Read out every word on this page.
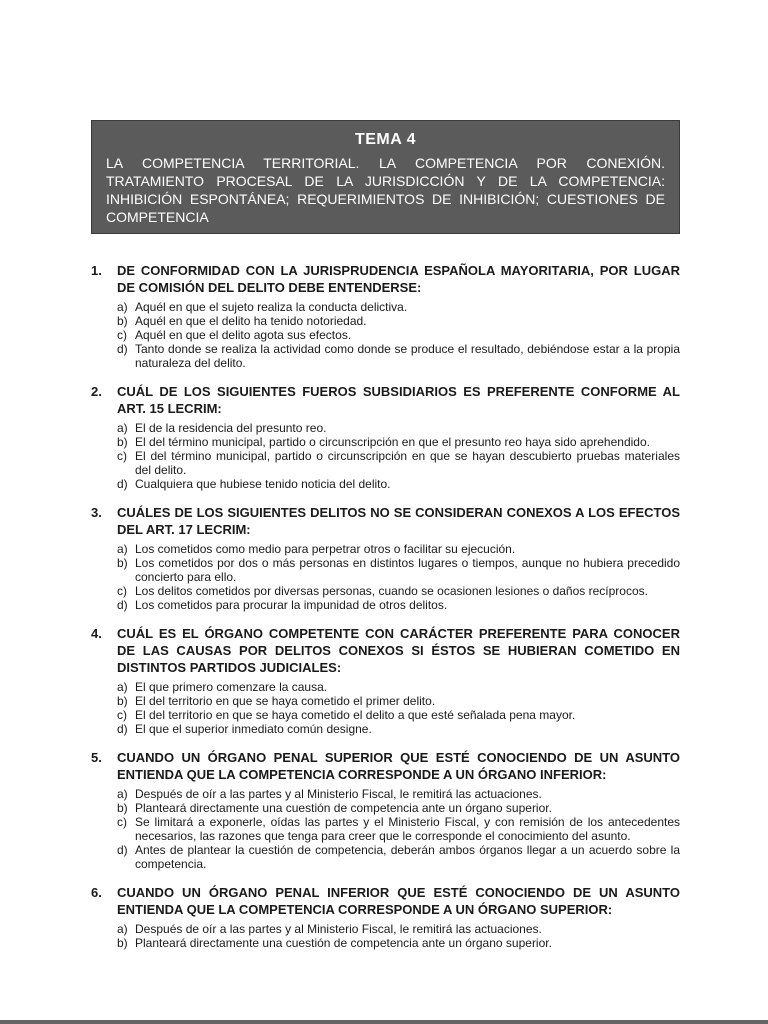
TEMA 4
LA COMPETENCIA TERRITORIAL. LA COMPETENCIA POR CONEXIÓN. TRATAMIENTO PROCESAL DE LA JURISDICCIÓN Y DE LA COMPETENCIA: INHIBICIÓN ESPONTÁNEA; REQUERIMIENTOS DE INHIBICIÓN; CUESTIONES DE COMPETENCIA
1.	DE CONFORMIDAD CON LA JURISPRUDENCIA ESPAÑOLA MAYORITARIA, POR LUGAR DE COMISIÓN DEL DELITO DEBE ENTENDERSE:
a) Aquél en que el sujeto realiza la conducta delictiva.
b) Aquél en que el delito ha tenido notoriedad.
c) Aquél en que el delito agota sus efectos.
d) Tanto donde se realiza la actividad como donde se produce el resultado, debiéndose estar a la propia naturaleza del delito.
2.	CUÁL DE LOS SIGUIENTES FUEROS SUBSIDIARIOS ES PREFERENTE CONFORME AL ART. 15 LECRIM:
a) El de la residencia del presunto reo.
b) El del término municipal, partido o circunscripción en que el presunto reo haya sido aprehendido.
c) El del término municipal, partido o circunscripción en que se hayan descubierto pruebas materiales del delito.
d) Cualquiera que hubiese tenido noticia del delito.
3.	CUÁLES DE LOS SIGUIENTES DELITOS NO SE CONSIDERAN CONEXOS A LOS EFECTOS DEL ART. 17 LECRIM:
a) Los cometidos como medio para perpetrar otros o facilitar su ejecución.
b) Los cometidos por dos o más personas en distintos lugares o tiempos, aunque no hubiera precedido concierto para ello.
c) Los delitos cometidos por diversas personas, cuando se ocasionen lesiones o daños recíprocos.
d) Los cometidos para procurar la impunidad de otros delitos.
4.	CUÁL ES EL ÓRGANO COMPETENTE CON CARÁCTER PREFERENTE PARA CONOCER DE LAS CAUSAS POR DELITOS CONEXOS SI ÉSTOS SE HUBIERAN COMETIDO EN DISTINTOS PARTIDOS JUDICIALES:
a) El que primero comenzare la causa.
b) El del territorio en que se haya cometido el primer delito.
c) El del territorio en que se haya cometido el delito a que esté señalada pena mayor.
d) El que el superior inmediato común designe.
5.	CUANDO UN ÓRGANO PENAL SUPERIOR QUE ESTÉ CONOCIENDO DE UN ASUNTO ENTIENDA QUE LA COMPETENCIA CORRESPONDE A UN ÓRGANO INFERIOR:
a) Después de oír a las partes y al Ministerio Fiscal, le remitirá las actuaciones.
b) Planteará directamente una cuestión de competencia ante un órgano superior.
c) Se limitará a exponerle, oídas las partes y el Ministerio Fiscal, y con remisión de los antecedentes necesarios, las razones que tenga para creer que le corresponde el conocimiento del asunto.
d) Antes de plantear la cuestión de competencia, deberán ambos órganos llegar a un acuerdo sobre la competencia.
6.	CUANDO UN ÓRGANO PENAL INFERIOR QUE ESTÉ CONOCIENDO DE UN ASUNTO ENTIENDA QUE LA COMPETENCIA CORRESPONDE A UN ÓRGANO SUPERIOR:
a) Después de oír a las partes y al Ministerio Fiscal, le remitirá las actuaciones.
b) Planteará directamente una cuestión de competencia ante un órgano superior.
